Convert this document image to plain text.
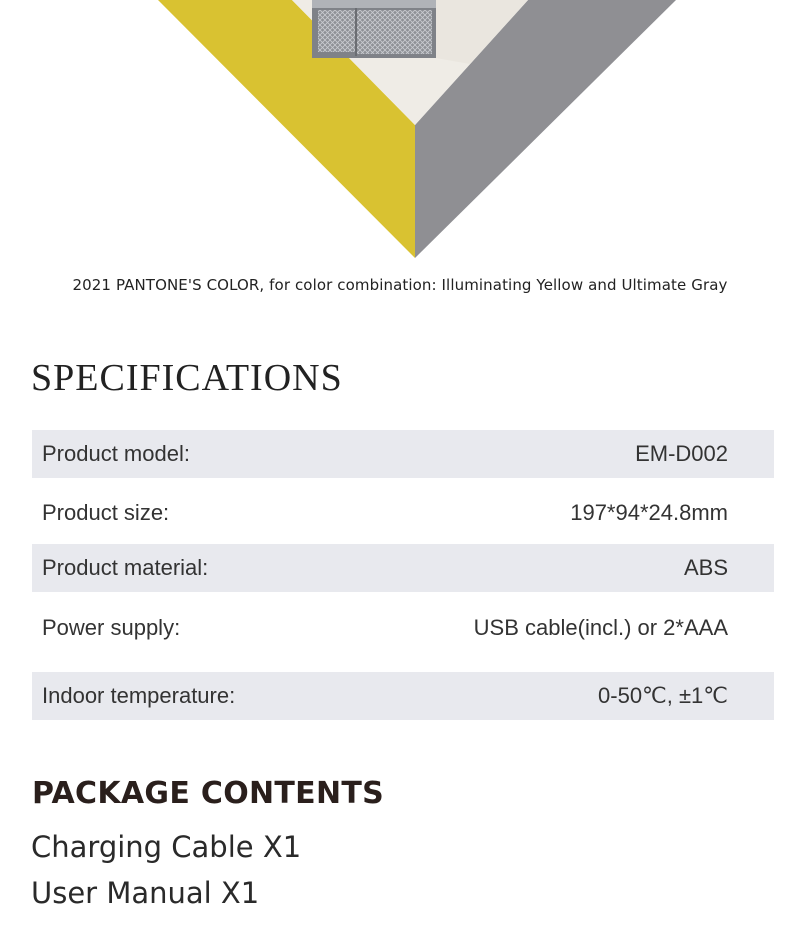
2021 PANTONE'S COLOR, for color combination: Illuminating Yellow and Ultimate Gray
SPECIFICATIONS
Product model:	EM-D002
Product size:	197*94*24.8mm
Product material:	ABS
Power supply:	USB cable(incl.) or 2*AAA
Indoor temperature:	0-50℃, ±1℃
PACKAGE CONTENTS
Charging Cable X1
User Manual X1
